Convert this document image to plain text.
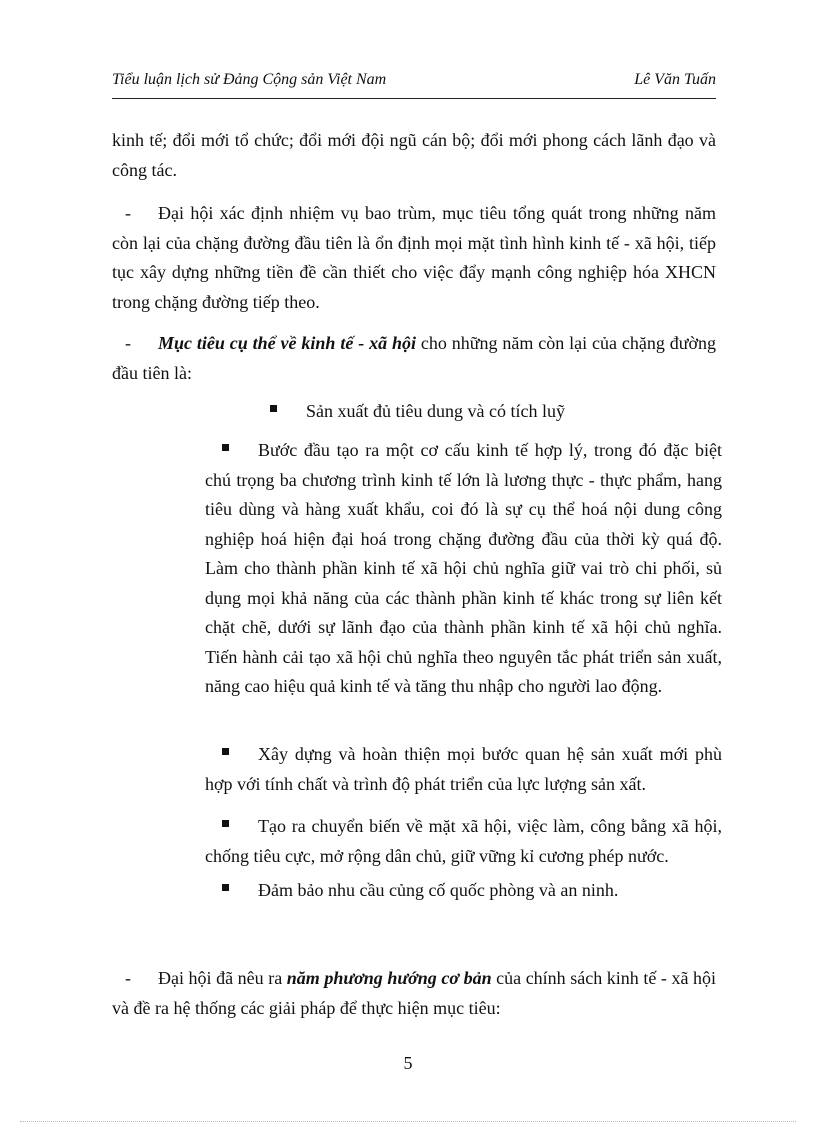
Tiểu luận lịch sử Đảng Cộng sản Việt Nam	Lê Văn Tuấn
kinh tế; đổi mới tổ chức; đổi mới đội ngũ cán bộ; đổi mới phong cách lãnh đạo và công tác.
-	Đại hội xác định nhiệm vụ bao trùm, mục tiêu tổng quát trong những năm còn lại của chặng đường đầu tiên là ổn định mọi mặt tình hình kinh tế - xã hội, tiếp tục xây dựng những tiền đề cần thiết cho việc đẩy mạnh công nghiệp hóa XHCN trong chặng đường tiếp theo.
-	Mục tiêu cụ thể về kinh tế - xã hội cho những năm còn lại của chặng đường đầu tiên là:
Sản xuất đủ tiêu dung và có tích luỹ
Bước đầu tạo ra một cơ cấu kinh tế hợp lý, trong đó đặc biệt chú trọng ba chương trình kinh tế lớn là lương thực - thực phẩm, hang tiêu dùng và hàng xuất khẩu, coi đó là sự cụ thể hoá nội dung công nghiệp hoá hiện đại hoá trong chặng đường đầu của thời kỳ quá độ. Làm cho thành phần kinh tế xã hội chủ nghĩa giữ vai trò chi phối, sủ dụng mọi khả năng của các thành phần kinh tế khác trong sự liên kết chặt chẽ, dưới sự lãnh đạo của thành phần kinh tế xã hội chủ nghĩa. Tiến hành cải tạo xã hội chủ nghĩa theo nguyên tắc phát triển sản xuất, năng cao hiệu quả kinh tế và tăng thu nhập cho người lao động.
Xây dựng và hoàn thiện mọi bước quan hệ sản xuất mới phù hợp với tính chất và trình độ phát triển của lực lượng sản xất.
Tạo ra chuyển biến về mặt xã hội, việc làm, công bằng xã hội, chống tiêu cực, mở rộng dân chủ, giữ vững kỉ cương phép nước.
Đảm bảo nhu cầu củng cố quốc phòng và an ninh.
-	Đại hội đã nêu ra năm phương hướng cơ bản của chính sách kinh tế - xã hội và đề ra hệ thống các giải pháp để thực hiện mục tiêu:
5
